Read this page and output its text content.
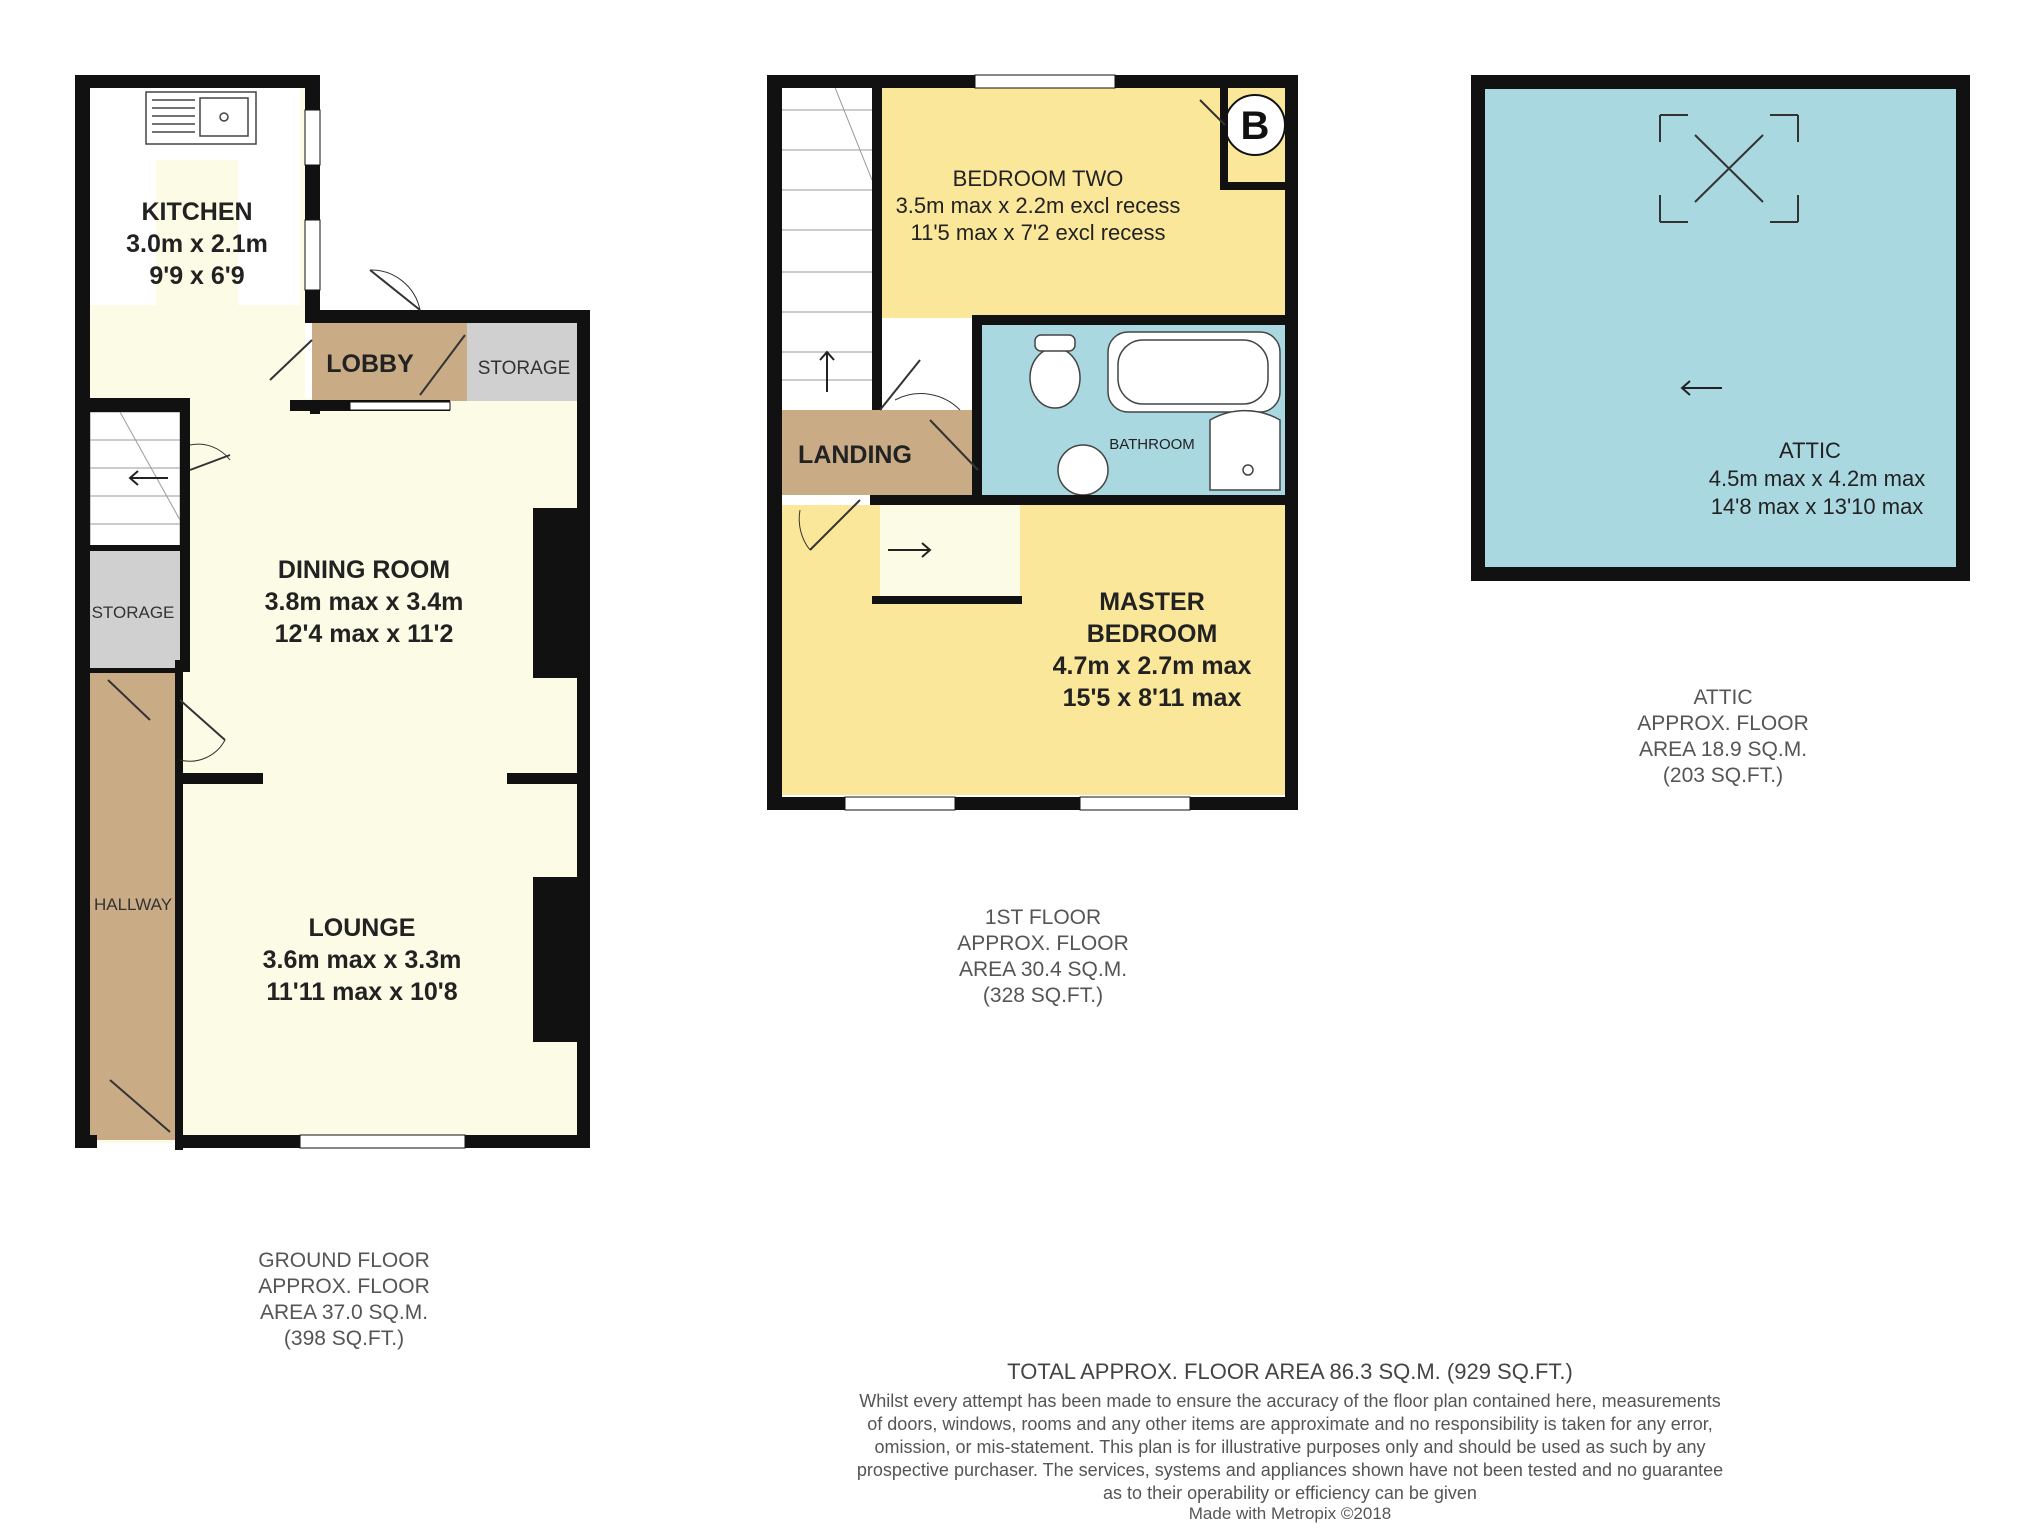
KITCHEN
3.0m x 2.1m
9'9 x 6'9
LOBBY	STORAGE
STORAGE
DINING ROOM
3.8m max x 3.4m
12'4 max x 11'2
LOUNGE
3.6m max x 3.3m
11'11 max x 10'8
HALLWAY
GROUND FLOOR
APPROX. FLOOR
AREA 37.0 SQ.M.
(398 SQ.FT.)
B
BEDROOM TWO
3.5m max x 2.2m excl recess
11'5 max x 7'2 excl recess
BATHROOM
LANDING
MASTER
BEDROOM
4.7m x 2.7m max
15'5 x 8'11 max
1ST FLOOR
APPROX. FLOOR
AREA 30.4 SQ.M.
(328 SQ.FT.)
ATTIC
4.5m max x 4.2m max
14'8 max x 13'10 max
ATTIC
APPROX. FLOOR
AREA 18.9 SQ.M.
(203 SQ.FT.)
TOTAL APPROX. FLOOR AREA 86.3 SQ.M. (929 SQ.FT.)
Whilst every attempt has been made to ensure the accuracy of the floor plan contained here, measurements
of doors, windows, rooms and any other items are approximate and no responsibility is taken for any error,
omission, or mis-statement. This plan is for illustrative purposes only and should be used as such by any
prospective purchaser. The services, systems and appliances shown have not been tested and no guarantee
as to their operability or efficiency can be given
Made with Metropix ©2018
